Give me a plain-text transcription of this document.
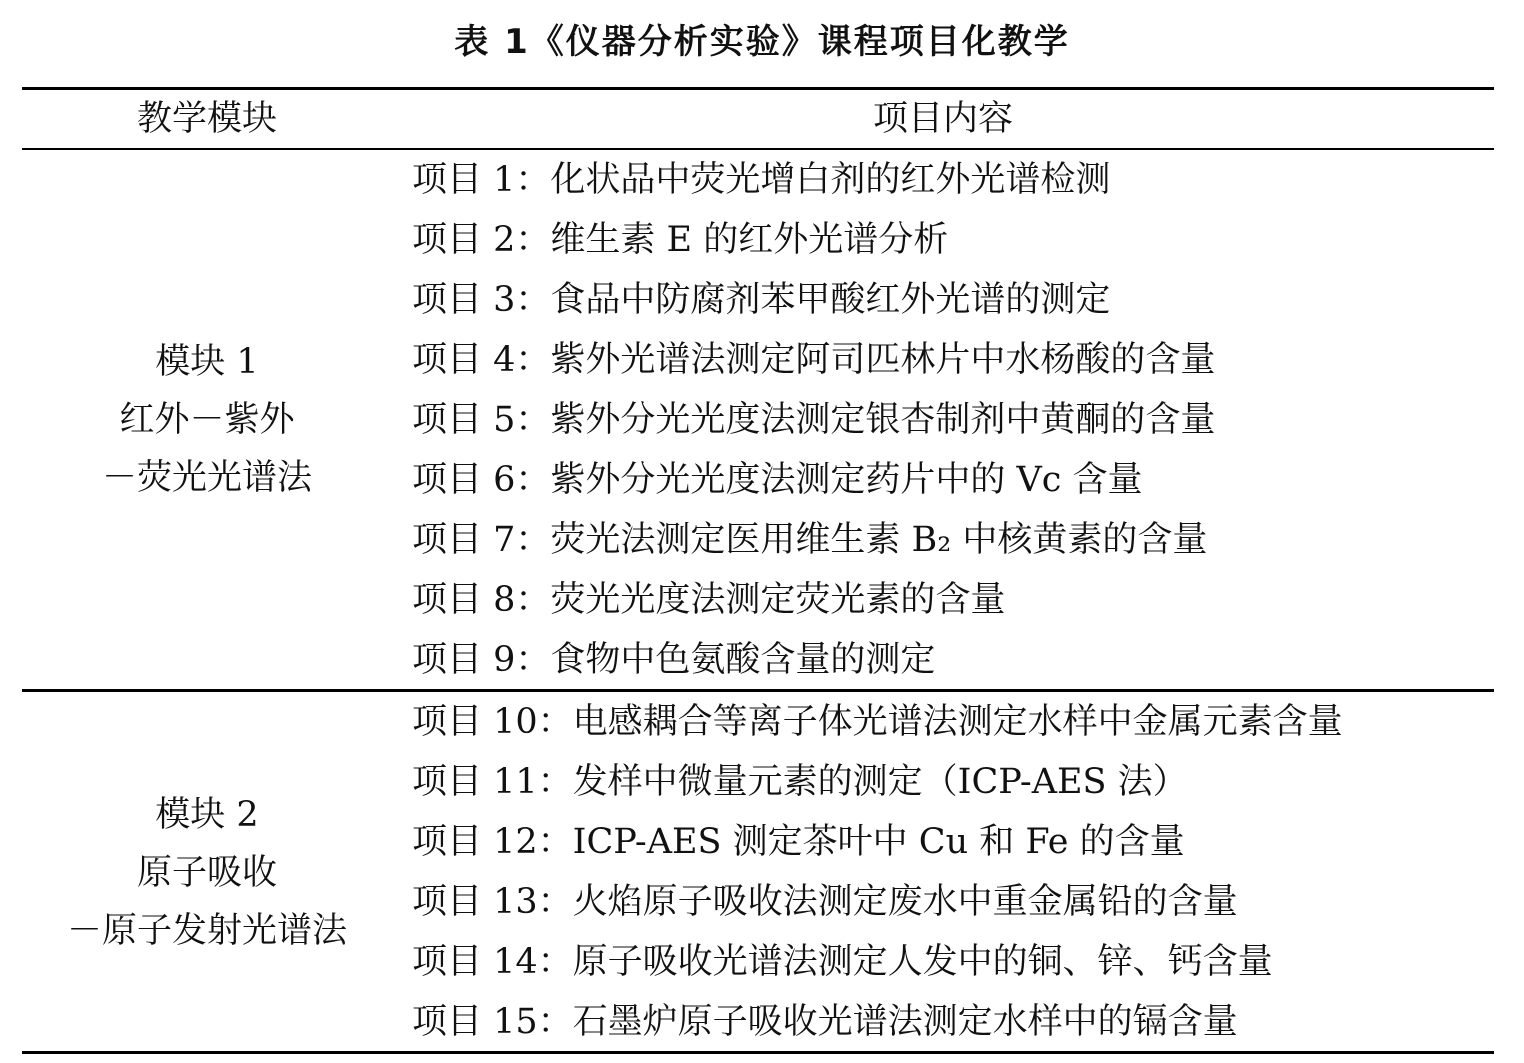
表 1《仪器分析实验》课程项目化教学
教学模块	项目内容
模块 1
红外－紫外
－荧光光谱法
项目 1：化状品中荧光增白剂的红外光谱检测
项目 2：维生素 E 的红外光谱分析
项目 3：食品中防腐剂苯甲酸红外光谱的测定
项目 4：紫外光谱法测定阿司匹林片中水杨酸的含量
项目 5：紫外分光光度法测定银杏制剂中黄酮的含量
项目 6：紫外分光光度法测定药片中的 Vc 含量
项目 7：荧光法测定医用维生素 B₂ 中核黄素的含量
项目 8：荧光光度法测定荧光素的含量
项目 9：食物中色氨酸含量的测定
模块 2
原子吸收
－原子发射光谱法
项目 10：电感耦合等离子体光谱法测定水样中金属元素含量
项目 11：发样中微量元素的测定（ICP-AES 法）
项目 12：ICP-AES 测定茶叶中 Cu 和 Fe 的含量
项目 13：火焰原子吸收法测定废水中重金属铅的含量
项目 14：原子吸收光谱法测定人发中的铜、锌、钙含量
项目 15：石墨炉原子吸收光谱法测定水样中的镉含量
